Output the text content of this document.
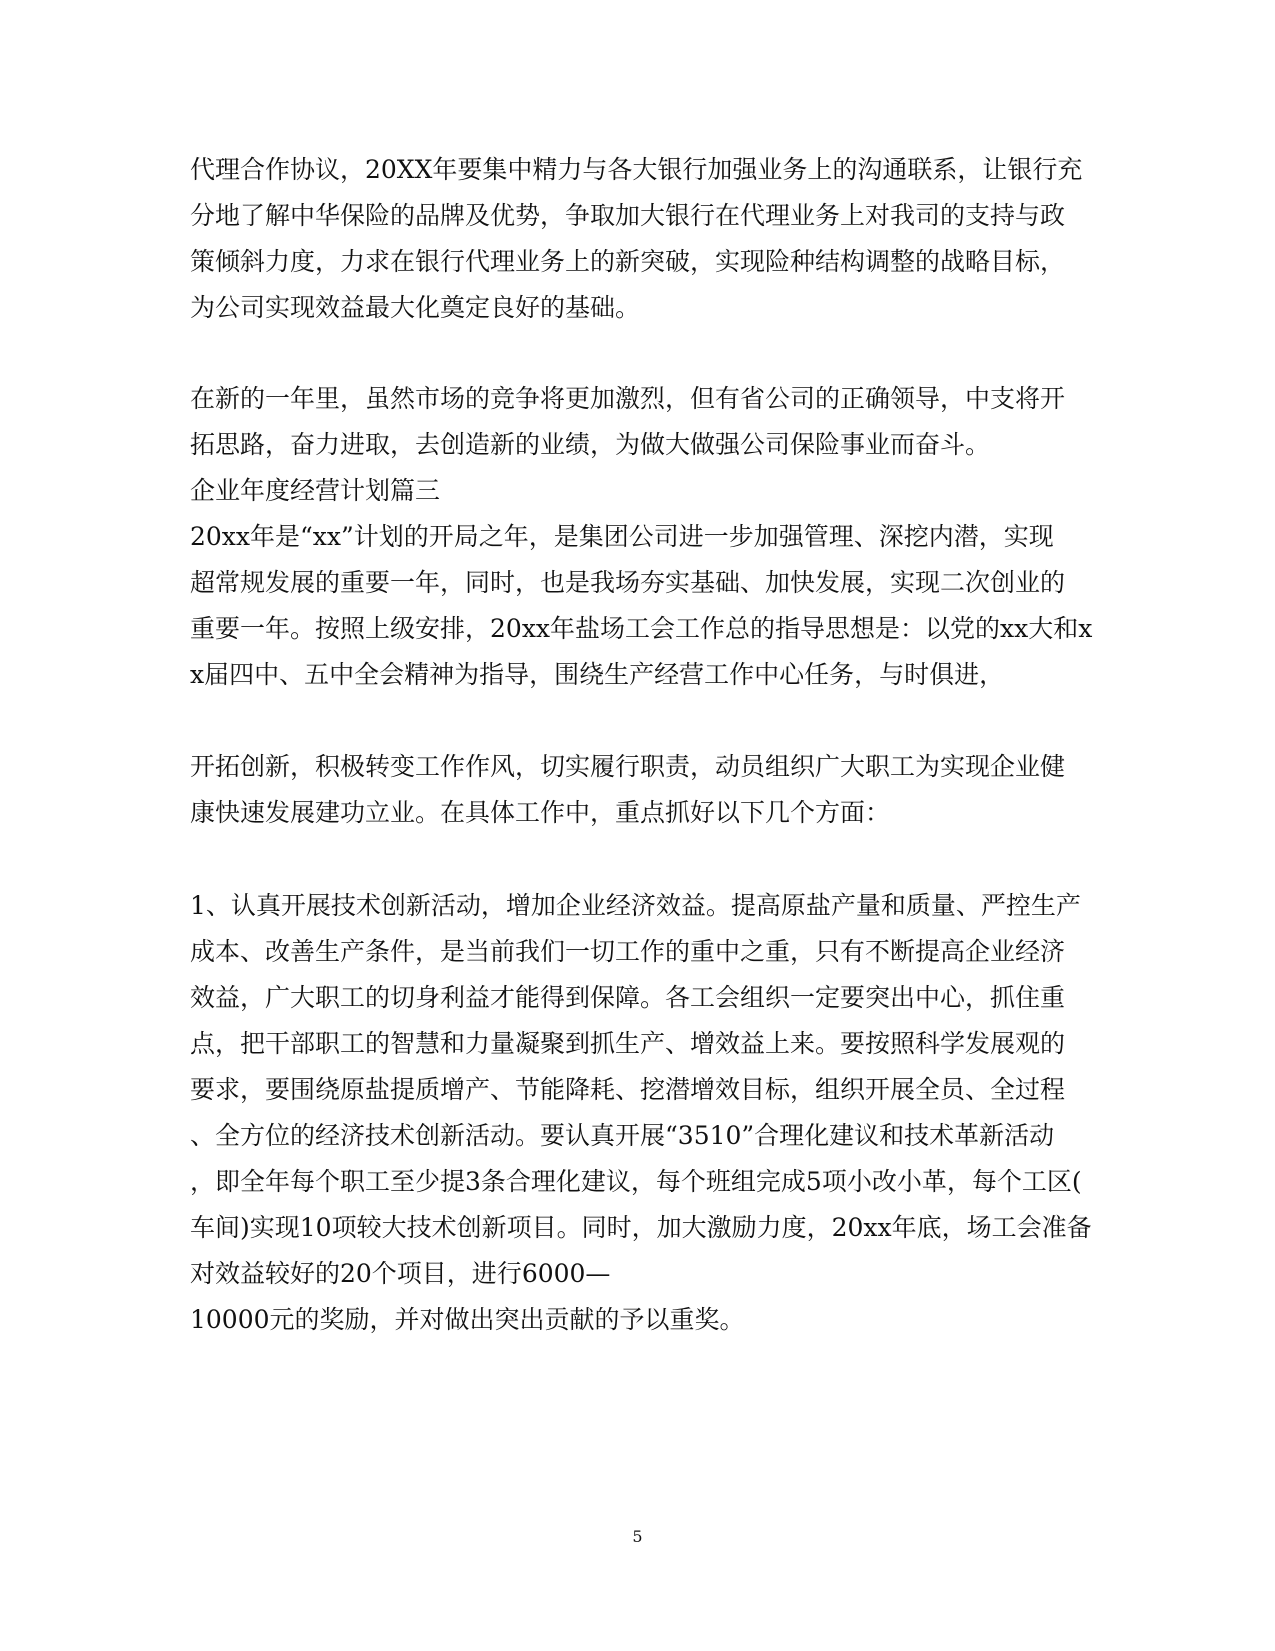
代理合作协议，20XX年要集中精力与各大银行加强业务上的沟通联系，让银行充
分地了解中华保险的品牌及优势，争取加大银行在代理业务上对我司的支持与政
策倾斜力度，力求在银行代理业务上的新突破，实现险种结构调整的战略目标，
为公司实现效益最大化奠定良好的基础。
在新的一年里，虽然市场的竞争将更加激烈，但有省公司的正确领导，中支将开
拓思路，奋力进取，去创造新的业绩，为做大做强公司保险事业而奋斗。
企业年度经营计划篇三
20xx年是“xx”计划的开局之年，是集团公司进一步加强管理、深挖内潜，实现
超常规发展的重要一年，同时，也是我场夯实基础、加快发展，实现二次创业的
重要一年。按照上级安排，20xx年盐场工会工作总的指导思想是：以党的xx大和x
x届四中、五中全会精神为指导，围绕生产经营工作中心任务，与时俱进，
开拓创新，积极转变工作作风，切实履行职责，动员组织广大职工为实现企业健
康快速发展建功立业。在具体工作中，重点抓好以下几个方面：
1、认真开展技术创新活动，增加企业经济效益。提高原盐产量和质量、严控生产
成本、改善生产条件，是当前我们一切工作的重中之重，只有不断提高企业经济
效益，广大职工的切身利益才能得到保障。各工会组织一定要突出中心，抓住重
点，把干部职工的智慧和力量凝聚到抓生产、增效益上来。要按照科学发展观的
要求，要围绕原盐提质增产、节能降耗、挖潜增效目标，组织开展全员、全过程
、全方位的经济技术创新活动。要认真开展“3510”合理化建议和技术革新活动
，即全年每个职工至少提3条合理化建议，每个班组完成5项小改小革，每个工区(
车间)实现10项较大技术创新项目。同时，加大激励力度，20xx年底，场工会准备
对效益较好的20个项目，进行6000—
10000元的奖励，并对做出突出贡献的予以重奖。
5
